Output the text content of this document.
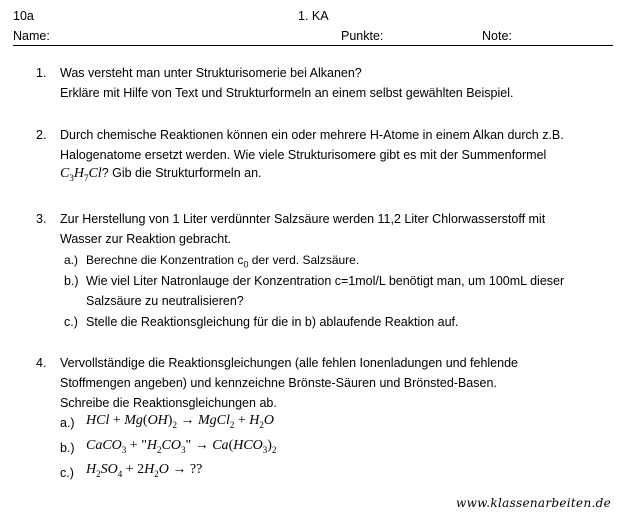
10a	1. KA
Name:	Punkte:	Note:
1. Was versteht man unter Strukturisomerie bei Alkanen?
Erkläre mit Hilfe von Text und Strukturformeln an einem selbst gewählten Beispiel.
2. Durch chemische Reaktionen können ein oder mehrere H-Atome in einem Alkan durch z.B.
Halogenatome ersetzt werden. Wie viele Strukturisomere gibt es mit der Summenformel
$C_3H_7Cl$? Gib die Strukturformeln an.
3. Zur Herstellung von 1 Liter verdünnter Salzsäure werden 11,2 Liter Chlorwasserstoff mit
Wasser zur Reaktion gebracht.
a.) Berechne die Konzentration $c_0$ der verd. Salzsäure.
b.) Wie viel Liter Natronlauge der Konzentration c=1mol/L benötigt man, um 100mL dieser
Salzsäure zu neutralisieren?
c.) Stelle die Reaktionsgleichung für die in b) ablaufende Reaktion auf.
4. Vervollständige die Reaktionsgleichungen (alle fehlen Ionenladungen und fehlende
Stoffmengen angeben) und kennzeichne Brönste-Säuren und Brönsted-Basen.
Schreibe die Reaktionsgleichungen ab.
a.) HCl + $Mg(OH)_2$ → MgCl$_2$ + $H_2O$
b.) CaCO$_3$ + "$H_2CO_3$" → $Ca(HCO_3)_2$
c.) $H_2SO_4 + 2H_2O$ → ??
www.klassenarbeiten.de
